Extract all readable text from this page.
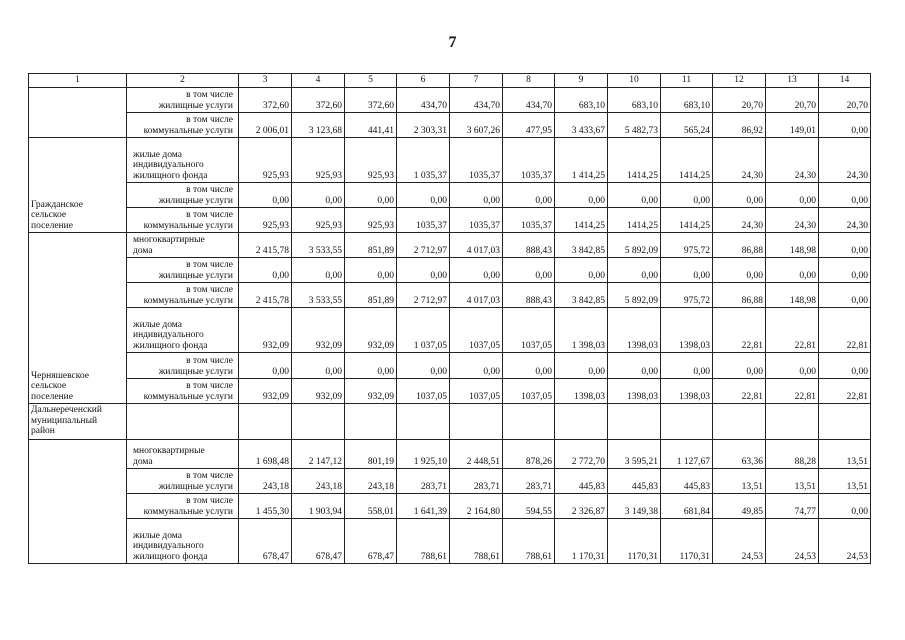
7
1	2	3	4	5	6	7	8	9	10	11	12	13	14

	в том числе
жилищные услуги	372,60	372,60	372,60	434,70	434,70	434,70	683,10	683,10	683,10	20,70	20,70	20,70

	в том числе
коммунальные услуги	2 006,01	3 123,68	441,41	2 303,31	3 607,26	477,95	3 433,67	5 482,73	565,24	86,92	149,01	0,00

Гражданское
сельское
поселение	жилые дома
индивидуального
жилищного фонда	925,93	925,93	925,93	1 035,37	1035,37	1035,37	1 414,25	1414,25	1414,25	24,30	24,30	24,30

	в том числе
жилищные услуги	0,00	0,00	0,00	0,00	0,00	0,00	0,00	0,00	0,00	0,00	0,00	0,00

	в том числе
коммунальные услуги	925,93	925,93	925,93	1035,37	1035,37	1035,37	1414,25	1414,25	1414,25	24,30	24,30	24,30

Черняшевское
сельское
поселение	многоквартирные
дома	2 415,78	3 533,55	851,89	2 712,97	4 017,03	888,43	3 842,85	5 892,09	975,72	86,88	148,98	0,00

	в том числе
жилищные услуги	0,00	0,00	0,00	0,00	0,00	0,00	0,00	0,00	0,00	0,00	0,00	0,00

	в том числе
коммунальные услуги	2 415,78	3 533,55	851,89	2 712,97	4 017,03	888,43	3 842,85	5 892,09	975,72	86,88	148,98	0,00

	жилые дома
индивидуального
жилищного фонда	932,09	932,09	932,09	1 037,05	1037,05	1037,05	1 398,03	1398,03	1398,03	22,81	22,81	22,81

	в том числе
жилищные услуги	0,00	0,00	0,00	0,00	0,00	0,00	0,00	0,00	0,00	0,00	0,00	0,00

	в том числе
коммунальные услуги	932,09	932,09	932,09	1037,05	1037,05	1037,05	1398,03	1398,03	1398,03	22,81	22,81	22,81

Дальнереченский
муниципальный
район													

	многоквартирные
дома	1 698,48	2 147,12	801,19	1 925,10	2 448,51	878,26	2 772,70	3 595,21	1 127,67	63,36	88,28	13,51

	в том числе
жилищные услуги	243,18	243,18	243,18	283,71	283,71	283,71	445,83	445,83	445,83	13,51	13,51	13,51

	в том числе
коммунальные услуги	1 455,30	1 903,94	558,01	1 641,39	2 164,80	594,55	2 326,87	3 149,38	681,84	49,85	74,77	0,00

	жилые дома
индивидуального
жилищного фонда	678,47	678,47	678,47	788,61	788,61	788,61	1 170,31	1170,31	1170,31	24,53	24,53	24,53
